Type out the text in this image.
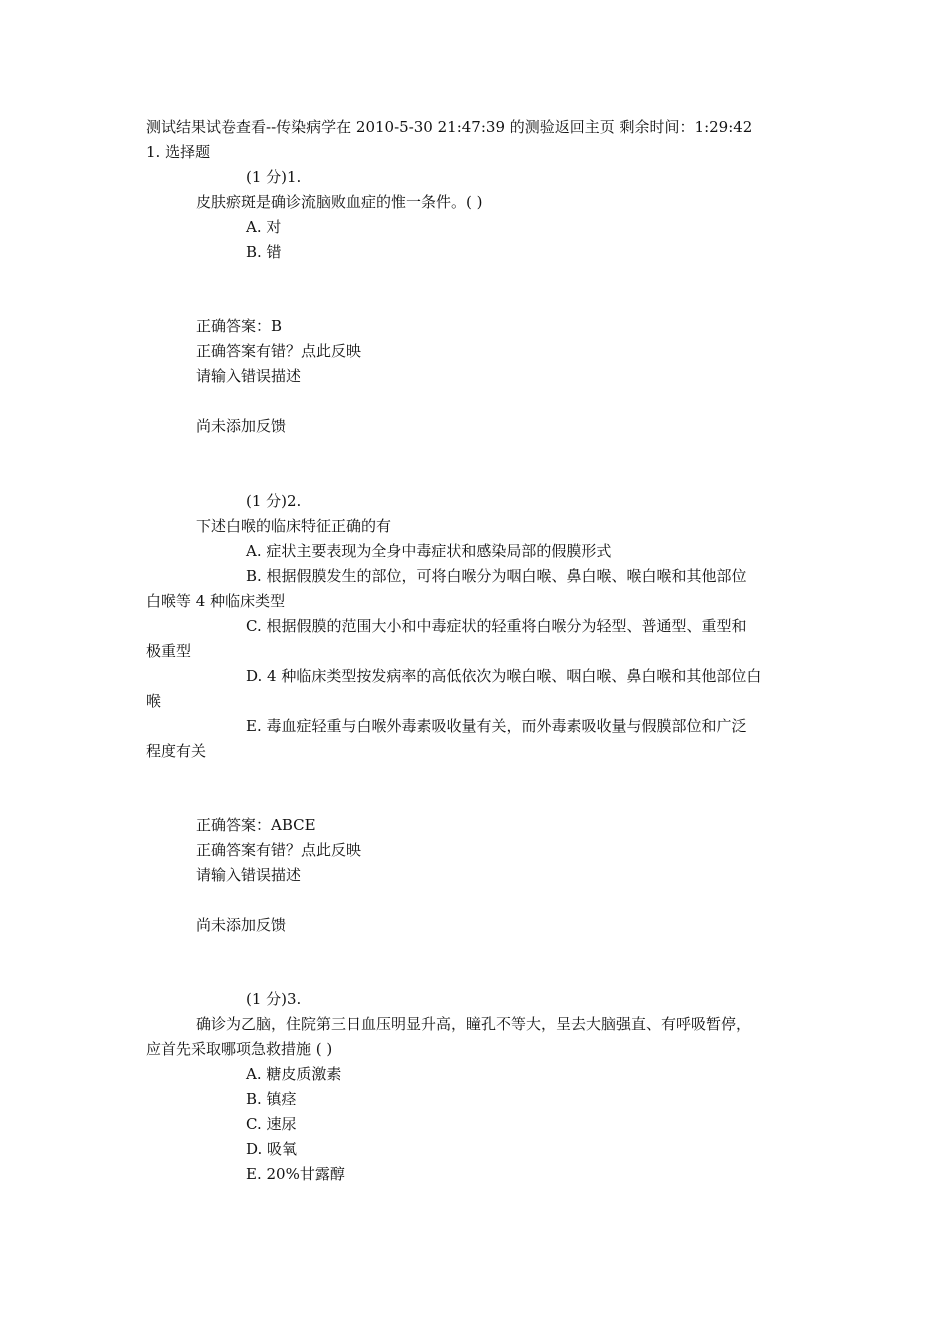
测试结果试卷查看--传染病学在 2010-5-30 21:47:39 的测验返回主页 剩余时间：1:29:42
1. 选择题
(1 分)1.
皮肤瘀斑是确诊流脑败血症的惟一条件。( )
A. 对
B. 错
正确答案：B
正确答案有错？点此反映
请输入错误描述
尚未添加反馈
(1 分)2.
下述白喉的临床特征正确的有
A. 症状主要表现为全身中毒症状和感染局部的假膜形式
B. 根据假膜发生的部位，可将白喉分为咽白喉、鼻白喉、喉白喉和其他部位
白喉等 4 种临床类型
C. 根据假膜的范围大小和中毒症状的轻重将白喉分为轻型、普通型、重型和
极重型
D. 4 种临床类型按发病率的高低依次为喉白喉、咽白喉、鼻白喉和其他部位白
喉
E. 毒血症轻重与白喉外毒素吸收量有关，而外毒素吸收量与假膜部位和广泛
程度有关
正确答案：ABCE
正确答案有错？点此反映
请输入错误描述
尚未添加反馈
(1 分)3.
确诊为乙脑，住院第三日血压明显升高，瞳孔不等大，呈去大脑强直、有呼吸暂停，
应首先采取哪项急救措施 ( )
A. 糖皮质激素
B. 镇痉
C. 速尿
D. 吸氧
E. 20%甘露醇
